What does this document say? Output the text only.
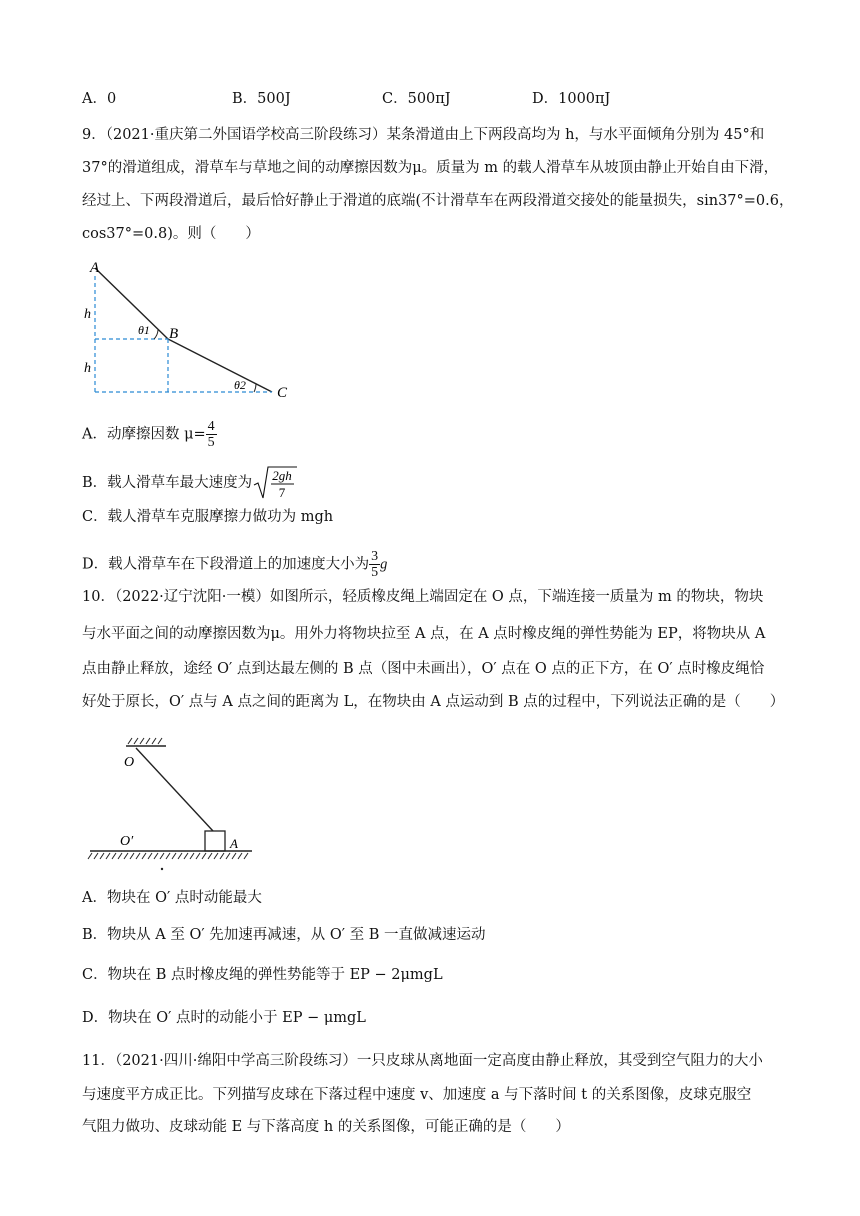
A．0	B．500J	C．500πJ	D．1000πJ
9．（2021·重庆第二外国语学校高三阶段练习）某条滑道由上下两段高均为 h，与水平面倾角分别为 45°和
37°的滑道组成，滑草车与草地之间的动摩擦因数为μ。质量为 m 的载人滑草车从坡顶由静止开始自由下滑，
经过上、下两段滑道后，最后恰好静止于滑道的底端(不计滑草车在两段滑道交接处的能量损失，sin37°=0.6，
cos37°=0.8)。则（　　）
A
B
C
h
h
θ1
θ2
A．动摩擦因数 $\mu= \frac{4}{5}$
B．载人滑草车最大速度为 2gh
7
C．载人滑草车克服摩擦力做功为 mgh
D．载人滑草车在下段滑道上的加速度大小为 $\frac{3}{5}$ g
10．（2022·辽宁沈阳·一模）如图所示，轻质橡皮绳上端固定在 O 点，下端连接一质量为 m 的物块，物块
与水平面之间的动摩擦因数为μ。用外力将物块拉至 A 点，在 A 点时橡皮绳的弹性势能为 EP，将物块从 A
点由静止释放，途经 O′ 点到达最左侧的 B 点（图中未画出），O′ 点在 O 点的正下方，在 O′ 点时橡皮绳恰
好处于原长，O′ 点与 A 点之间的距离为 L，在物块由 A 点运动到 B 点的过程中，下列说法正确的是（　　）
O
O′	A
A．物块在 O′ 点时动能最大
B．物块从 A 至 O′ 先加速再减速，从 O′ 至 B 一直做减速运动
C．物块在 B 点时橡皮绳的弹性势能等于 EP − 2μmgL
D．物块在 O′ 点时的动能小于 EP − μmgL
11．（2021·四川·绵阳中学高三阶段练习）一只皮球从离地面一定高度由静止释放，其受到空气阻力的大小
与速度平方成正比。下列描写皮球在下落过程中速度 v、加速度 a 与下落时间 t 的关系图像，皮球克服空
气阻力做功、皮球动能 E 与下落高度 h 的关系图像，可能正确的是（　　）
